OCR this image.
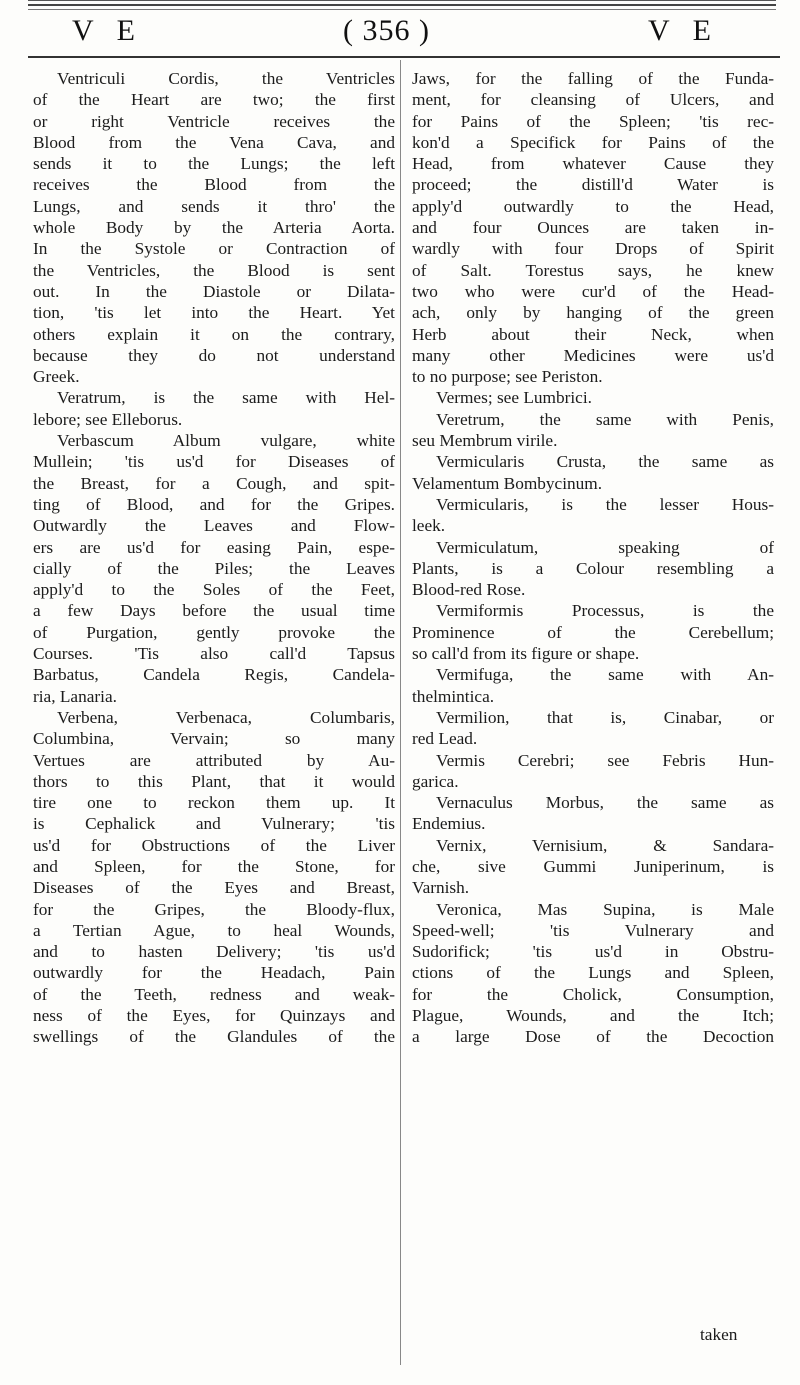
V E	( 356 )	V E
Ventriculi Cordis, the Ventricles
of the Heart are two; the first
or right Ventricle receives the
Blood from the Vena Cava, and
sends it to the Lungs; the left
receives the Blood from the
Lungs, and sends it thro' the
whole Body by the Arteria Aorta.
In the Systole or Contraction of
the Ventricles, the Blood is sent
out. In the Diastole or Dilata-
tion, 'tis let into the Heart. Yet
others explain it on the contrary,
because they do not understand
Greek.
Veratrum, is the same with Hel-
lebore; see Elleborus.
Verbascum Album vulgare, white
Mullein; 'tis us'd for Diseases of
the Breast, for a Cough, and spit-
ting of Blood, and for the Gripes.
Outwardly the Leaves and Flow-
ers are us'd for easing Pain, espe-
cially of the Piles; the Leaves
apply'd to the Soles of the Feet,
a few Days before the usual time
of Purgation, gently provoke the
Courses. 'Tis also call'd Tapsus
Barbatus, Candela Regis, Candela-
ria, Lanaria.
Verbena, Verbenaca, Columbaris,
Columbina, Vervain; so many
Vertues are attributed by Au-
thors to this Plant, that it would
tire one to reckon them up. It
is Cephalick and Vulnerary; 'tis
us'd for Obstructions of the Liver
and Spleen, for the Stone, for
Diseases of the Eyes and Breast,
for the Gripes, the Bloody-flux,
a Tertian Ague, to heal Wounds,
and to hasten Delivery; 'tis us'd
outwardly for the Headach, Pain
of the Teeth, redness and weak-
ness of the Eyes, for Quinzays and
swellings of the Glandules of the
Jaws, for the falling of the Funda-
ment, for cleansing of Ulcers, and
for Pains of the Spleen; 'tis rec-
kon'd a Specifick for Pains of the
Head, from whatever Cause they
proceed; the distill'd Water is
apply'd outwardly to the Head,
and four Ounces are taken in-
wardly with four Drops of Spirit
of Salt. Torestus says, he knew
two who were cur'd of the Head-
ach, only by hanging of the green
Herb about their Neck, when
many other Medicines were us'd
to no purpose; see Periston.
Vermes; see Lumbrici.
Veretrum, the same with Penis,
seu Membrum virile.
Vermicularis Crusta, the same as
Velamentum Bombycinum.
Vermicularis, is the lesser Hous-
leek.
Vermiculatum, speaking of
Plants, is a Colour resembling a
Blood-red Rose.
Vermiformis Processus, is the
Prominence of the Cerebellum;
so call'd from its figure or shape.
Vermifuga, the same with An-
thelmintica.
Vermilion, that is, Cinabar, or
red Lead.
Vermis Cerebri; see Febris Hun-
garica.
Vernaculus Morbus, the same as
Endemius.
Vernix, Vernisium, & Sandara-
che, sive Gummi Juniperinum, is
Varnish.
Veronica, Mas Supina, is Male
Speed-well; 'tis Vulnerary and
Sudorifick; 'tis us'd in Obstru-
ctions of the Lungs and Spleen,
for the Cholick, Consumption,
Plague, Wounds, and the Itch;
a large Dose of the Decoction
taken
